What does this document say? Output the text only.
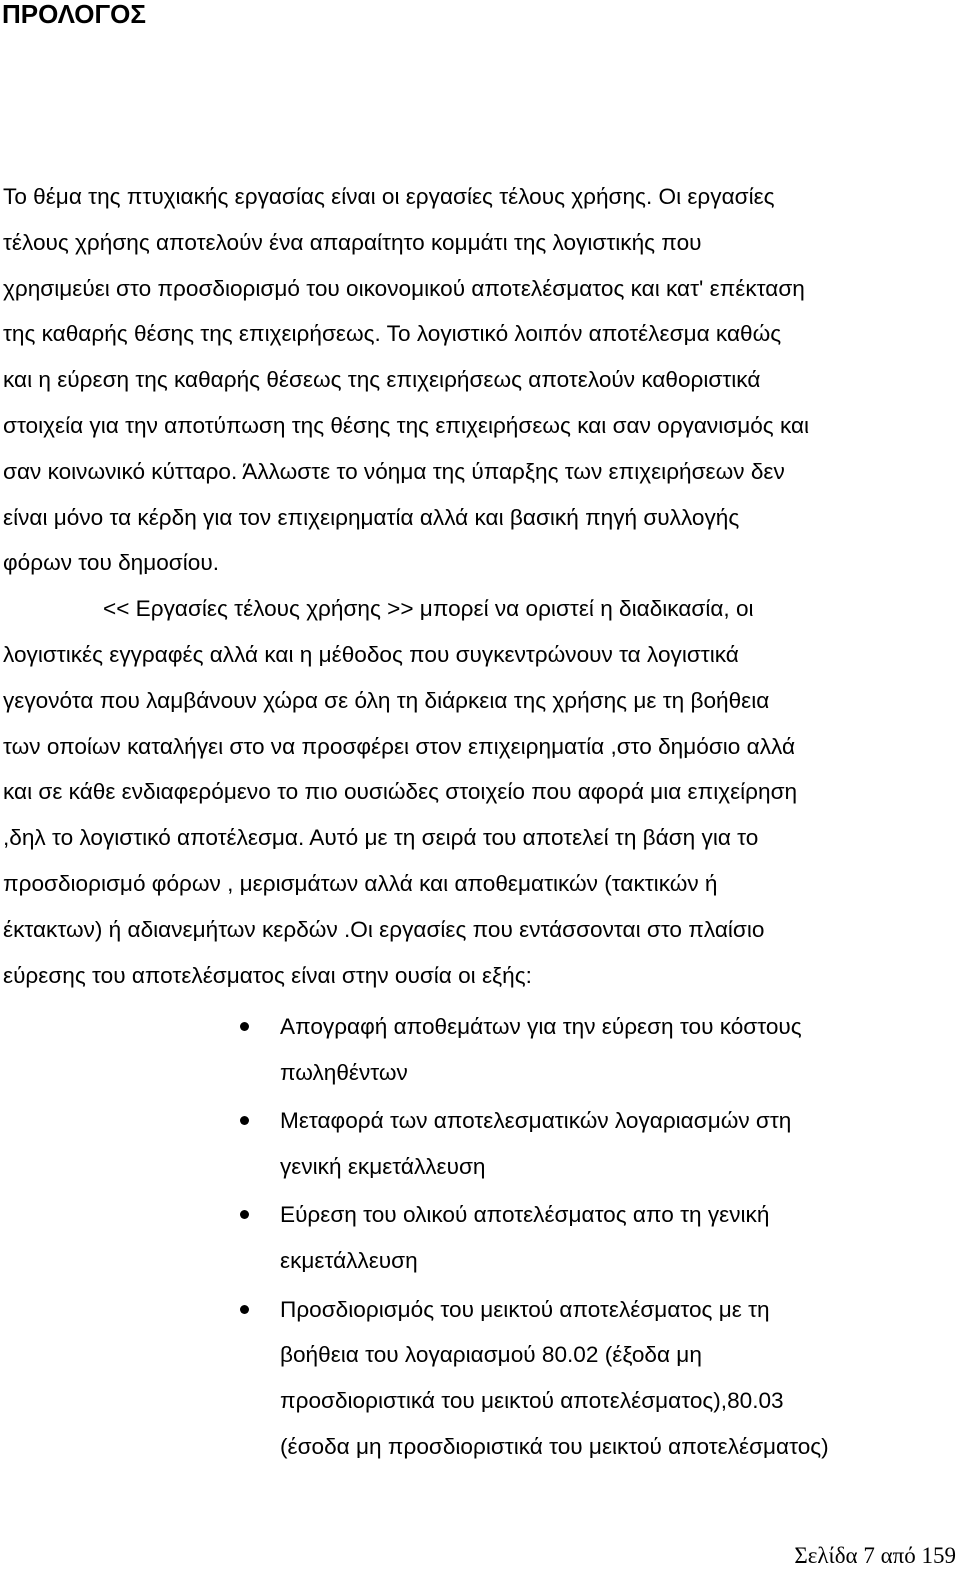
ΠΡΟΛΟΓΟΣ
Το θέμα της πτυχιακής εργασίας είναι οι εργασίες τέλους χρήσης. Οι εργασίες
τέλους χρήσης αποτελούν ένα απαραίτητο κομμάτι της λογιστικής που
χρησιμεύει στο προσδιορισμό του οικονομικού αποτελέσματος και κατ' επέκταση
της καθαρής θέσης της επιχειρήσεως. Το λογιστικό λοιπόν αποτέλεσμα καθώς
και η εύρεση της καθαρής θέσεως της επιχειρήσεως αποτελούν καθοριστικά
στοιχεία για την αποτύπωση της θέσης της επιχειρήσεως και σαν οργανισμός και
σαν κοινωνικό κύτταρο. Άλλωστε το νόημα της ύπαρξης των επιχειρήσεων δεν
είναι μόνο τα κέρδη για τον επιχειρηματία αλλά και βασική πηγή συλλογής
φόρων του δημοσίου.
<< Εργασίες τέλους χρήσης >> μπορεί να οριστεί η διαδικασία, οι
λογιστικές εγγραφές αλλά και η μέθοδος που συγκεντρώνουν τα λογιστικά
γεγονότα που λαμβάνουν χώρα σε όλη τη διάρκεια της χρήσης με τη βοήθεια
των οποίων καταλήγει στο να προσφέρει στον επιχειρηματία ,στο δημόσιο αλλά
και σε κάθε ενδιαφερόμενο το πιο ουσιώδες στοιχείο που αφορά μια επιχείρηση
,δηλ το λογιστικό αποτέλεσμα. Αυτό με τη σειρά του αποτελεί τη βάση για το
προσδιορισμό φόρων , μερισμάτων αλλά και αποθεματικών (τακτικών ή
έκτακτων) ή αδιανεμήτων κερδών .Οι εργασίες που εντάσσονται στο πλαίσιο
εύρεσης του αποτελέσματος είναι στην ουσία οι εξής:
Απογραφή αποθεμάτων για την εύρεση του κόστους
πωληθέντων
Μεταφορά των αποτελεσματικών λογαριασμών στη
γενική εκμετάλλευση
Εύρεση του ολικού αποτελέσματος απο τη γενική
εκμετάλλευση
Προσδιορισμός του μεικτού αποτελέσματος με τη
βοήθεια του λογαριασμού 80.02 (έξοδα μη
προσδιοριστικά του μεικτού αποτελέσματος),80.03
(έσοδα μη προσδιοριστικά του μεικτού αποτελέσματος)
Σελίδα 7 από 159
